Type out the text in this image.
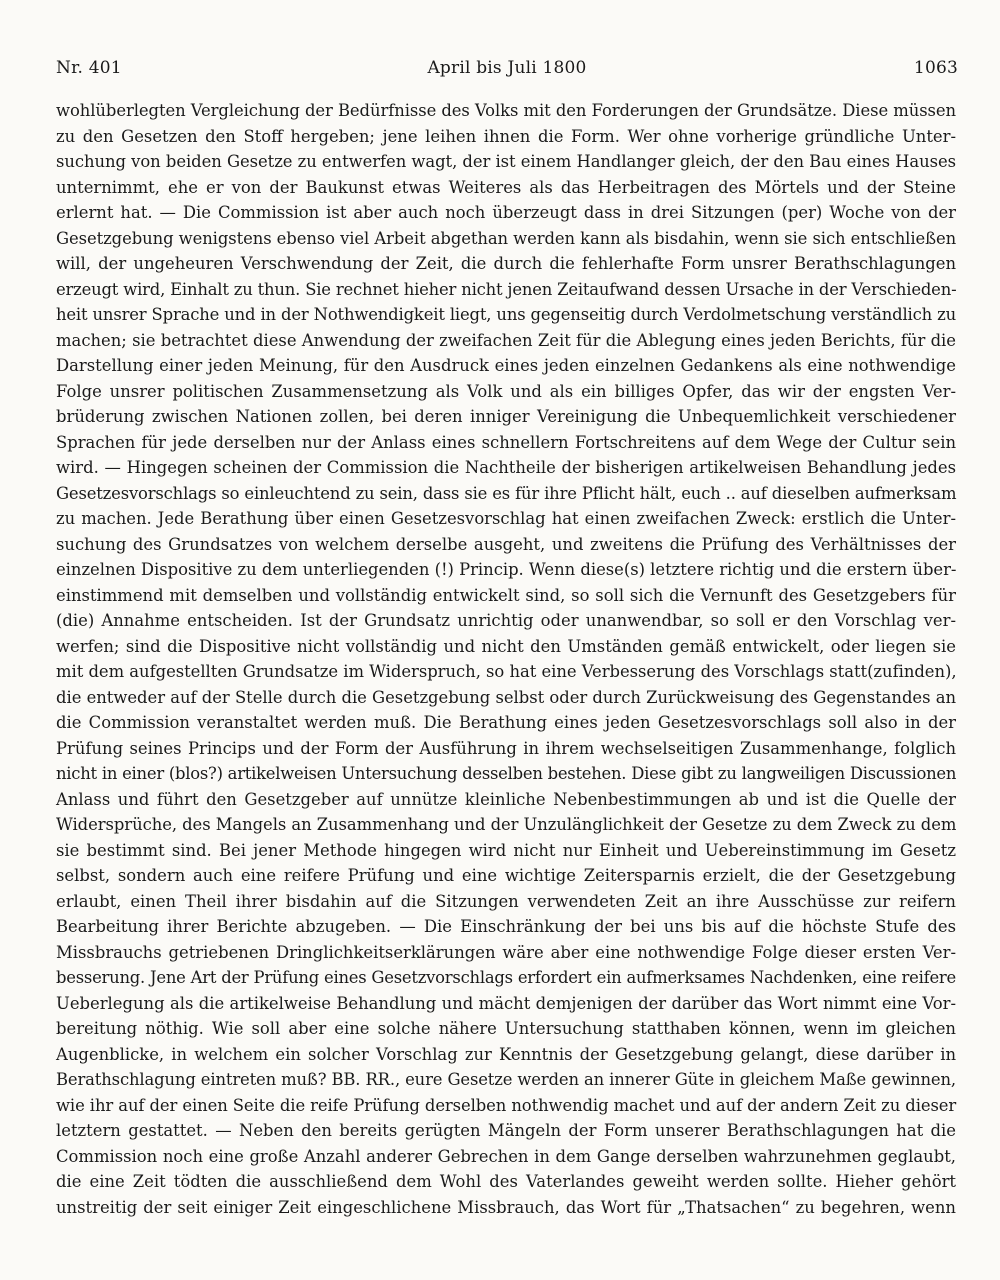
Nr. 401	April bis Juli 1800	1063
wohlüberlegten Vergleichung der Bedürfnisse des Volks mit den Forderungen der Grundsätze. Diese müssen
zu den Gesetzen den Stoff hergeben; jene leihen ihnen die Form. Wer ohne vorherige gründliche Unter-
suchung von beiden Gesetze zu entwerfen wagt, der ist einem Handlanger gleich, der den Bau eines Hauses
unternimmt, ehe er von der Baukunst etwas Weiteres als das Herbeitragen des Mörtels und der Steine
erlernt hat. — Die Commission ist aber auch noch überzeugt dass in drei Sitzungen (per) Woche von der
Gesetzgebung wenigstens ebenso viel Arbeit abgethan werden kann als bisdahin, wenn sie sich entschließen
will, der ungeheuren Verschwendung der Zeit, die durch die fehlerhafte Form unsrer Berathschlagungen
erzeugt wird, Einhalt zu thun. Sie rechnet hieher nicht jenen Zeitaufwand dessen Ursache in der Verschieden-
heit unsrer Sprache und in der Nothwendigkeit liegt, uns gegenseitig durch Verdolmetschung verständlich zu
machen; sie betrachtet diese Anwendung der zweifachen Zeit für die Ablegung eines jeden Berichts, für die
Darstellung einer jeden Meinung, für den Ausdruck eines jeden einzelnen Gedankens als eine nothwendige
Folge unsrer politischen Zusammensetzung als Volk und als ein billiges Opfer, das wir der engsten Ver-
brüderung zwischen Nationen zollen, bei deren inniger Vereinigung die Unbequemlichkeit verschiedener
Sprachen für jede derselben nur der Anlass eines schnellern Fortschreitens auf dem Wege der Cultur sein
wird. — Hingegen scheinen der Commission die Nachtheile der bisherigen artikelweisen Behandlung jedes
Gesetzesvorschlags so einleuchtend zu sein, dass sie es für ihre Pflicht hält, euch .. auf dieselben aufmerksam
zu machen. Jede Berathung über einen Gesetzesvorschlag hat einen zweifachen Zweck: erstlich die Unter-
suchung des Grundsatzes von welchem derselbe ausgeht, und zweitens die Prüfung des Verhältnisses der
einzelnen Dispositive zu dem unterliegenden (!) Princip. Wenn diese(s) letztere richtig und die erstern über-
einstimmend mit demselben und vollständig entwickelt sind, so soll sich die Vernunft des Gesetzgebers für
(die) Annahme entscheiden. Ist der Grundsatz unrichtig oder unanwendbar, so soll er den Vorschlag ver-
werfen; sind die Dispositive nicht vollständig und nicht den Umständen gemäß entwickelt, oder liegen sie
mit dem aufgestellten Grundsatze im Widerspruch, so hat eine Verbesserung des Vorschlags statt(zufinden),
die entweder auf der Stelle durch die Gesetzgebung selbst oder durch Zurückweisung des Gegenstandes an
die Commission veranstaltet werden muß. Die Berathung eines jeden Gesetzesvorschlags soll also in der
Prüfung seines Princips und der Form der Ausführung in ihrem wechselseitigen Zusammenhange, folglich
nicht in einer (blos?) artikelweisen Untersuchung desselben bestehen. Diese gibt zu langweiligen Discussionen
Anlass und führt den Gesetzgeber auf unnütze kleinliche Nebenbestimmungen ab und ist die Quelle der
Widersprüche, des Mangels an Zusammenhang und der Unzulänglichkeit der Gesetze zu dem Zweck zu dem
sie bestimmt sind. Bei jener Methode hingegen wird nicht nur Einheit und Uebereinstimmung im Gesetz
selbst, sondern auch eine reifere Prüfung und eine wichtige Zeitersparnis erzielt, die der Gesetzgebung
erlaubt, einen Theil ihrer bisdahin auf die Sitzungen verwendeten Zeit an ihre Ausschüsse zur reifern
Bearbeitung ihrer Berichte abzugeben. — Die Einschränkung der bei uns bis auf die höchste Stufe des
Missbrauchs getriebenen Dringlichkeitserklärungen wäre aber eine nothwendige Folge dieser ersten Ver-
besserung. Jene Art der Prüfung eines Gesetzvorschlags erfordert ein aufmerksames Nachdenken, eine reifere
Ueberlegung als die artikelweise Behandlung und mächt demjenigen der darüber das Wort nimmt eine Vor-
bereitung nöthig. Wie soll aber eine solche nähere Untersuchung statthaben können, wenn im gleichen
Augenblicke, in welchem ein solcher Vorschlag zur Kenntnis der Gesetzgebung gelangt, diese darüber in
Berathschlagung eintreten muß? BB. RR., eure Gesetze werden an innerer Güte in gleichem Maße gewinnen,
wie ihr auf der einen Seite die reife Prüfung derselben nothwendig machet und auf der andern Zeit zu dieser
letztern gestattet. — Neben den bereits gerügten Mängeln der Form unserer Berathschlagungen hat die
Commission noch eine große Anzahl anderer Gebrechen in dem Gange derselben wahrzunehmen geglaubt,
die eine Zeit tödten die ausschließend dem Wohl des Vaterlandes geweiht werden sollte. Hieher gehört
unstreitig der seit einiger Zeit eingeschlichene Missbrauch, das Wort für „Thatsachen“ zu begehren, wenn
